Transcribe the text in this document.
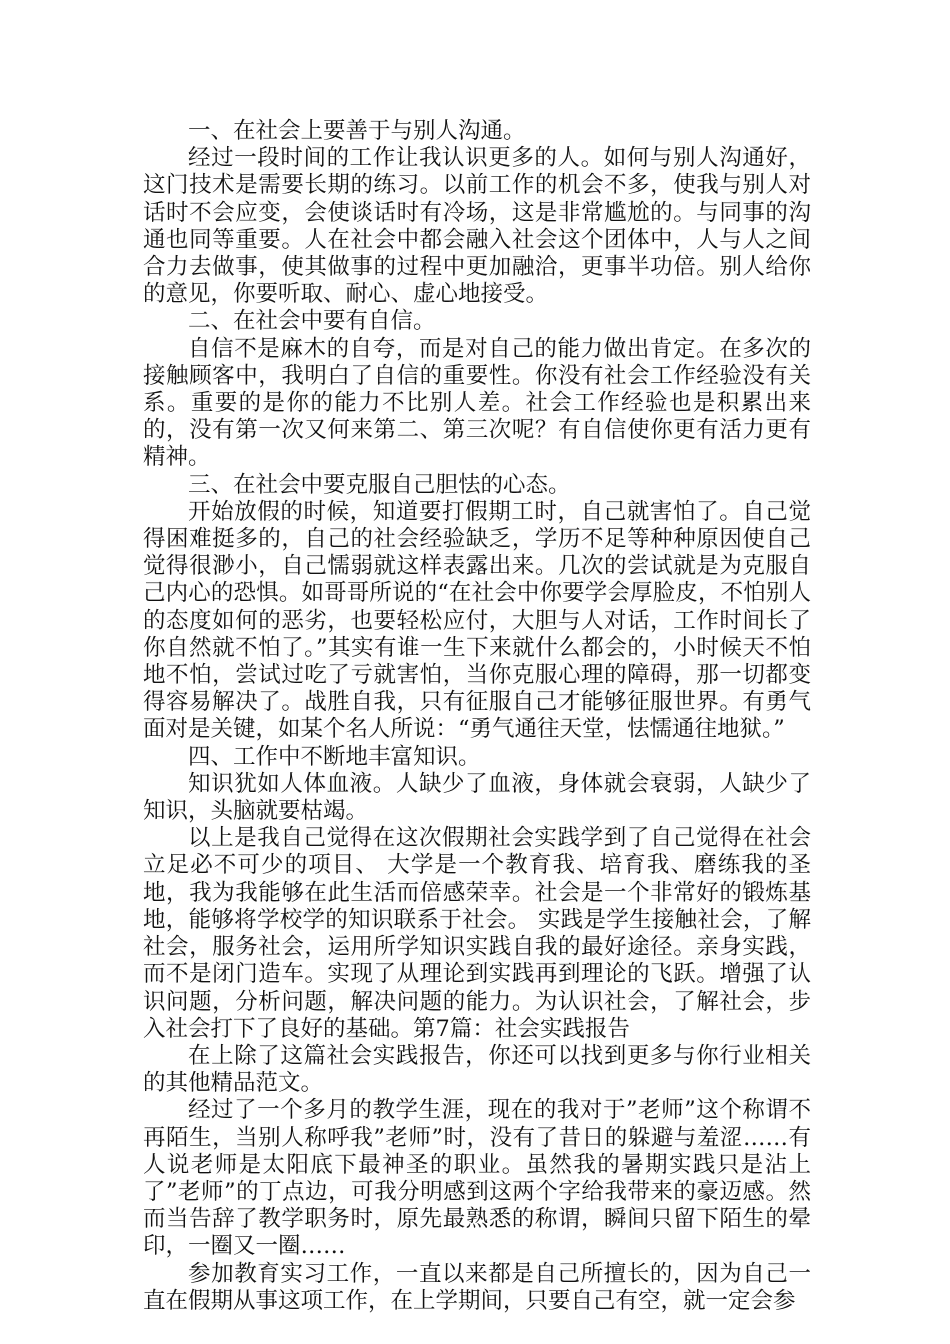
一、在社会上要善于与别人沟通。

经过一段时间的工作让我认识更多的人。如何与别人沟通好，这门技术是需要长期的练习。以前工作的机会不多，使我与别人对话时不会应变，会使谈话时有冷场，这是非常尴尬的。与同事的沟通也同等重要。人在社会中都会融入社会这个团体中，人与人之间合力去做事，使其做事的过程中更加融洽，更事半功倍。别人给你的意见，你要听取、耐心、虚心地接受。

二、在社会中要有自信。

自信不是麻木的自夸，而是对自己的能力做出肯定。在多次的接触顾客中，我明白了自信的重要性。你没有社会工作经验没有关系。重要的是你的能力不比别人差。社会工作经验也是积累出来的，没有第一次又何来第二、第三次呢？有自信使你更有活力更有精神。

三、在社会中要克服自己胆怯的心态。

开始放假的时候，知道要打假期工时，自己就害怕了。自己觉得困难挺多的，自己的社会经验缺乏，学历不足等种种原因使自己觉得很渺小，自己懦弱就这样表露出来。几次的尝试就是为克服自己内心的恐惧。如哥哥所说的“在社会中你要学会厚脸皮，不怕别人的态度如何的恶劣，也要轻松应付，大胆与人对话，工作时间长了你自然就不怕了。”其实有谁一生下来就什么都会的，小时候天不怕地不怕，尝试过吃了亏就害怕，当你克服心理的障碍，那一切都变得容易解决了。战胜自我，只有征服自己才能够征服世界。有勇气面对是关键，如某个名人所说：“勇气通往天堂，怯懦通往地狱。”

四、工作中不断地丰富知识。

知识犹如人体血液。人缺少了血液，身体就会衰弱，人缺少了知识，头脑就要枯竭。

以上是我自己觉得在这次假期社会实践学到了自己觉得在社会立足必不可少的项目、 大学是一个教育我、培育我、磨练我的圣地，我为我能够在此生活而倍感荣幸。社会是一个非常好的锻炼基地，能够将学校学的知识联系于社会。 实践是学生接触社会，了解社会，服务社会，运用所学知识实践自我的最好途径。亲身实践，而不是闭门造车。实现了从理论到实践再到理论的飞跃。增强了认识问题，分析问题，解决问题的能力。为认识社会，了解社会，步入社会打下了良好的基础。第7篇：社会实践报告

在上除了这篇社会实践报告，你还可以找到更多与你行业相关的其他精品范文。

经过了一个多月的教学生涯，现在的我对于”老师”这个称谓不再陌生，当别人称呼我”老师”时，没有了昔日的躲避与羞涩……有人说老师是太阳底下最神圣的职业。虽然我的暑期实践只是沾上了”老师”的丁点边，可我分明感到这两个字给我带来的豪迈感。然而当告辞了教学职务时，原先最熟悉的称谓，瞬间只留下陌生的晕印，一圈又一圈……

参加教育实习工作，一直以来都是自己所擅长的，因为自己一直在假期从事这项工作，在上学期间，只要自己有空，就一定会参
